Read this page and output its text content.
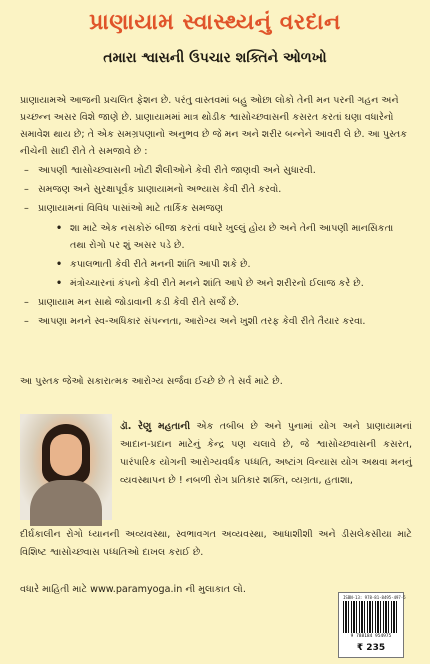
પ્રાણાયામ સ્વાસ્થ્યનું વરદાન
તમારા શ્વાસની ઉપચાર શક્તિને ઓળખો

પ્રાણાયામએ આજની પ્રચલિત ફેશન છે. પરંતુ વાસ્તવમાં બહુ ઓછા લોકો તેની મન પરની ગહન અને પ્રચ્છન્ન અસર વિશે જાણે છે. પ્રાણાયામમાં માત્ર થોડીક શ્વાસોચ્છ્વાસની કસરત કરતાં ઘણા વધારેનો સમાવેશ થાય છે; તે એક સમગ્રપણાનો અનુભવ છે જે મન અને શરીર બન્નેને આવરી લે છે. આ પુસ્તક નીચેની સાદી રીતે તે સમજાવે છે :

– આપણી શ્વાસોચ્છ્વાસની ખોટી શૈલીઓને કેવી રીતે જાણવી અને સુધારવી.
– સમજણ અને સુરક્ષાપૂર્વક પ્રાણાયામનો અભ્યાસ કેવી રીતે કરવો.
– પ્રાણાયામનાં વિવિધ પાસાંઓ માટે તાર્કિક સમજણ
• શા માટે એક નસકોરું બીજા કરતાં વધારે ખુલ્લું હોય છે અને તેની આપણી માનસિકતા તથા રોગો પર શું અસર પડે છે.
• કપાલભાતી કેવી રીતે મનની શાંતિ આપી શકે છે.
• મંત્રોચ્ચારનાં કંપનો કેવી રીતે મનને શાંતિ આપે છે અને શરીરનો ઈલાજ કરે છે.
– પ્રાણાયામ મન સાથે જોડાવાની કડી કેવી રીતે સર્જે છે.
– આપણા મનને સ્વ-અધિકાર સંપન્નતા, આરોગ્ય અને ખુશી તરફ કેવી રીતે તૈયાર કરવા.
આ પુસ્તક જેઓ સકારાત્મક આરોગ્ય સર્જવા ઈચ્છે છે તે સર્વ માટે છે.
ડૉ. રેણુ મહતાની એક તબીબ છે અને પુનામાં યોગ અને પ્રાણાયામનાં આદાન-પ્રદાન માટેનું કેન્દ્ર પણ ચલાવે છે, જે શ્વાસોચ્છ્વાસની કસરત, પારંપારિક યોગની આરોગ્યવર્ધક પધ્ધતિ, અષ્ટાંગ વિન્યાસ યોગ અથવા મનનું વ્યવસ્થાપન છે ! નબળી રોગ પ્રતિકાર શક્તિ, વ્યગ્રતા, હતાશા,
દીર્ઘકાલીન રોગો ધ્યાનની અવ્યવસ્થા, સ્વભાવગત અવ્યવસ્થા, આધાશીશી અને ડીસલેકસીયા માટે વિશિષ્ટ શ્વાસોચ્છ્વાસ પધ્ધતિઓ દાખલ કરાઈ છે.
વધારે માહિતી માટે www.paramyoga.in ની મુલાકાત લો.
ISBN-13: 978-81-8495-497-5
9 788184 954975
₹ 235
